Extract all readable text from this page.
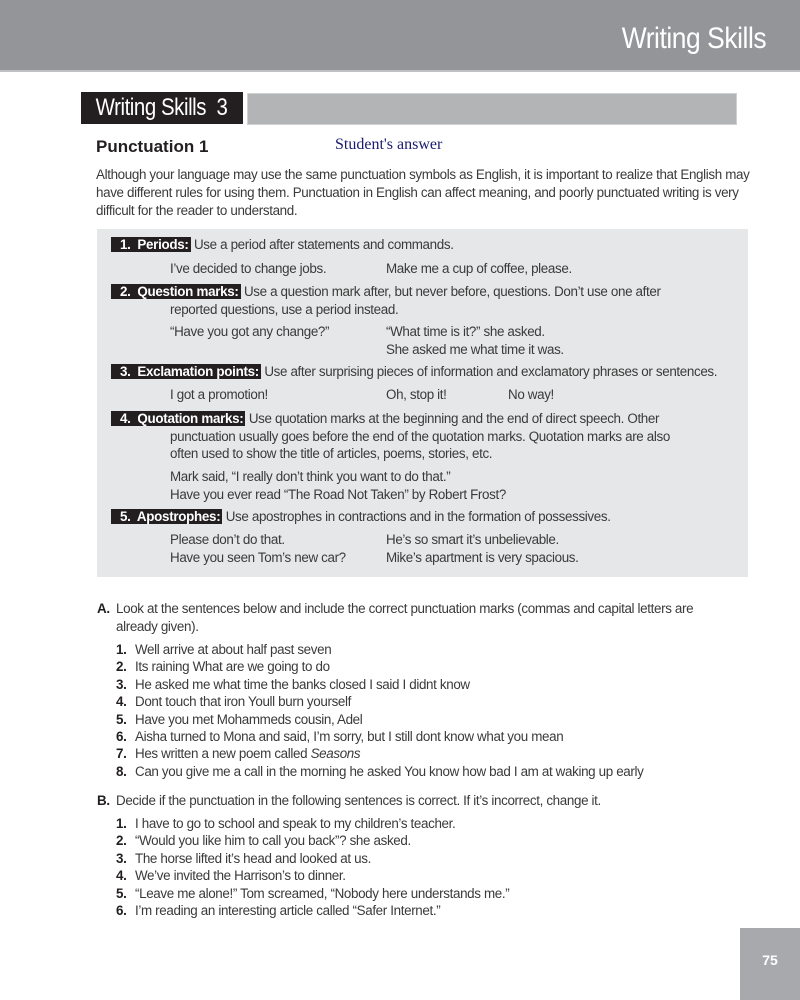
Writing Skills
Writing Skills  3
Punctuation 1	Student's answer
Although your language may use the same punctuation symbols as English, it is important to realize that English may have different rules for using them. Punctuation in English can affect meaning, and poorly punctuated writing is very difficult for the reader to understand.
1.  Periods: Use a period after statements and commands.
I’ve decided to change jobs.	Make me a cup of coffee, please.
2.  Question marks: Use a question mark after, but never before, questions. Don’t use one after
reported questions, use a period instead.
“Have you got any change?”	“What time is it?” she asked.
She asked me what time it was.
3.  Exclamation points: Use after surprising pieces of information and exclamatory phrases or sentences.
I got a promotion!	Oh, stop it!	No way!
4.  Quotation marks: Use quotation marks at the beginning and the end of direct speech. Other
punctuation usually goes before the end of the quotation marks. Quotation marks are also often used to show the title of articles, poems, stories, etc.
Mark said, “I really don’t think you want to do that.”
Have you ever read “The Road Not Taken” by Robert Frost?
5.  Apostrophes: Use apostrophes in contractions and in the formation of possessives.
Please don’t do that.	He’s so smart it’s unbelievable.
Have you seen Tom’s new car?	Mike’s apartment is very spacious.
A. Look at the sentences below and include the correct punctuation marks (commas and capital letters are already given).
1. Well arrive at about half past seven
2. Its raining What are we going to do
3. He asked me what time the banks closed I said I didnt know
4. Dont touch that iron Youll burn yourself
5. Have you met Mohammeds cousin, Adel
6. Aisha turned to Mona and said, I’m sorry, but I still dont know what you mean
7. Hes written a new poem called Seasons
8. Can you give me a call in the morning he asked You know how bad I am at waking up early
B. Decide if the punctuation in the following sentences is correct. If it’s incorrect, change it.
1. I have to go to school and speak to my children’s teacher.
2. “Would you like him to call you back”? she asked.
3. The horse lifted it’s head and looked at us.
4. We’ve invited the Harrison’s to dinner.
5. “Leave me alone!” Tom screamed, “Nobody here understands me.”
6. I’m reading an interesting article called “Safer Internet.”
75
